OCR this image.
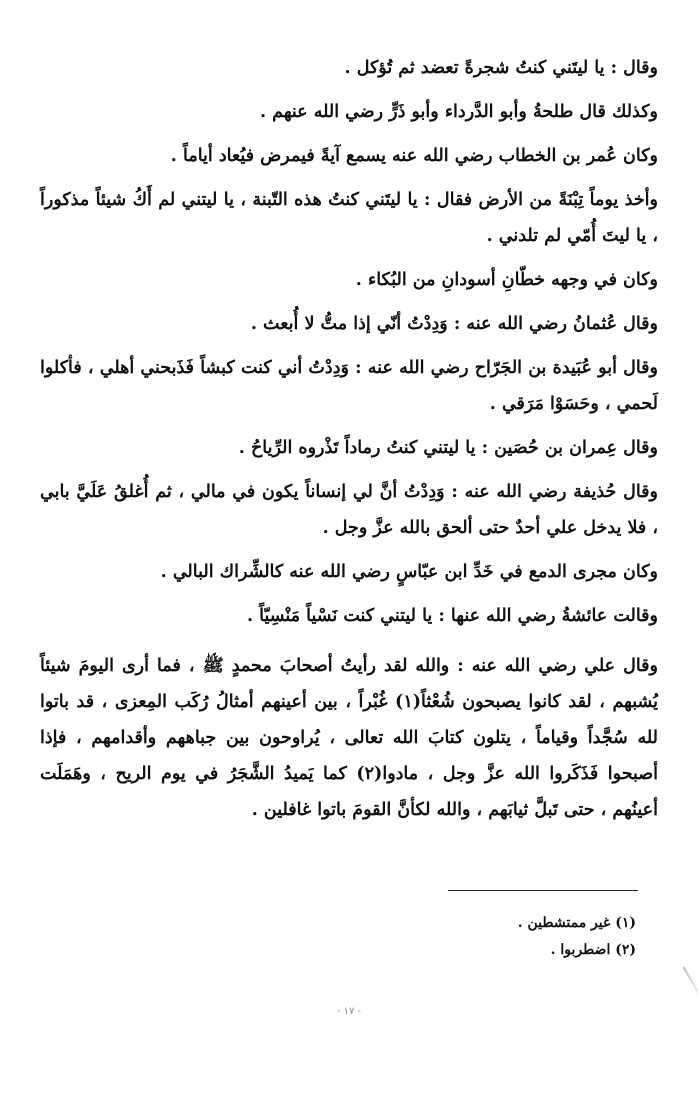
وقال : يا ليتَني كنتُ شجرةً تعضد ثم تُؤكل .

وكذلك قال طلحةُ وأبو الدَّرداء وأبو ذَرٍّ رضي الله عنهم .

وكان عُمر بن الخطاب رضي الله عنه يسمع آيةً فيمرض فيُعاد أياماً .

وأخذ يوماً تِبْنَةً من الأرض فقال : يا ليتَني كنتُ هذه التّبنة ، يا ليتني لم أَكُ شيئاً مذكوراً ، يا ليتَ أُمّي لم تلدني .

وكان في وجهه خطّانِ أسودانِ من البُكاء .

وقال عُثمانُ رضي الله عنه : وَدِدْتُ أنّي إذا متُّ لا أُبعث .

وقال أبو عُبَيدة بن الجَرّاح رضي الله عنه : وَدِدْتُ أني كنت كبشاً فَذَبحني أهلي ، فأكلوا لَحمي ، وحَسَوْا مَرَقي .

وقال عِمران بن حُصَين : يا ليتني كنتُ رماداً تَذْروه الرِّياحُ .

وقال حُذيفة رضي الله عنه : وَدِدْتُ أنَّ لي إنساناً يكون في مالي ، ثم أُغلقُ عَلَيَّ بابي ، فلا يدخل علي أحدٌ حتى ألحق بالله عزَّ وجل .

وكان مجرى الدمع في خَدِّ ابن عبّاسٍ رضي الله عنه كالشِّراك البالي .

وقالت عائشةُ رضي الله عنها : يا ليتني كنت نَسْياً مَنْسِيّاً .

وقال علي رضي الله عنه : والله لقد رأيتُ أصحابَ محمدٍ ﷺ ، فما أرى اليومَ شيئاً يُشبهم ، لقد كانوا يصبحون شُعْثاً(١) غُبْراً ، بين أعينهم أمثالُ رُكَب المِعزى ، قد باتوا لله سُجَّداً وقياماً ، يتلون كتابَ الله تعالى ، يُراوحون بين جباههم وأقدامهم ، فإذا أصبحوا فَذَكَروا الله عزَّ وجل ، مادوا(٢) كما يَميدُ الشَّجَرُ في يوم الريح ، وهَمَلَت أعينُهم ، حتى تَبلَّ ثيابَهم ، والله لكأنَّ القومَ باتوا غافلين .

(١) غير ممتشطين .

(٢) اضطربوا .

- ١٧ -
